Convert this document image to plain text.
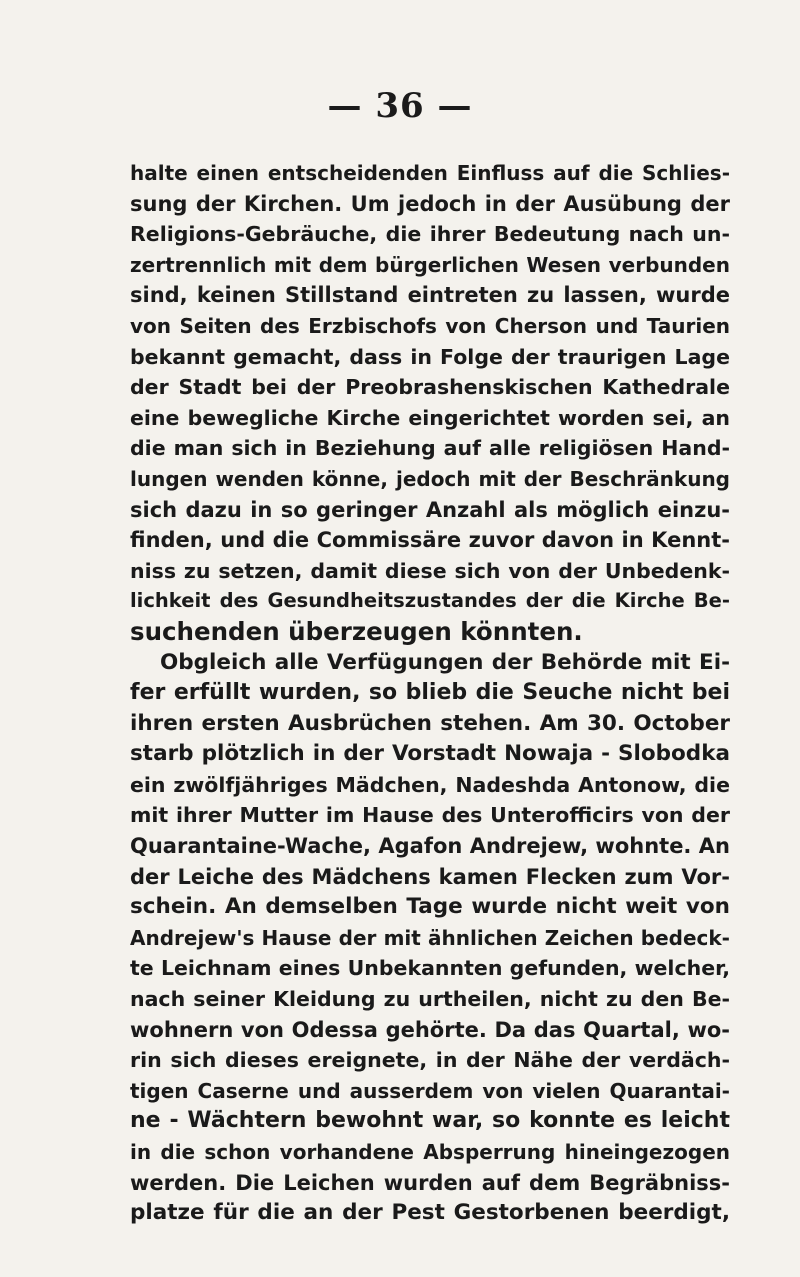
— 36 —
halte einen entscheidenden Einfluss auf die Schlies-
sung der Kirchen. Um jedoch in der Ausübung der
Religions-Gebräuche, die ihrer Bedeutung nach un-
zertrennlich mit dem bürgerlichen Wesen verbunden
sind, keinen Stillstand eintreten zu lassen, wurde
von Seiten des Erzbischofs von Cherson und Taurien
bekannt gemacht, dass in Folge der traurigen Lage
der Stadt bei der Preobrashenskischen Kathedrale
eine bewegliche Kirche eingerichtet worden sei, an
die man sich in Beziehung auf alle religiösen Hand-
lungen wenden könne, jedoch mit der Beschränkung
sich dazu in so geringer Anzahl als möglich einzu-
finden, und die Commissäre zuvor davon in Kennt-
niss zu setzen, damit diese sich von der Unbedenk-
lichkeit des Gesundheitszustandes der die Kirche Be-
suchenden überzeugen könnten.
Obgleich alle Verfügungen der Behörde mit Ei-
fer erfüllt wurden, so blieb die Seuche nicht bei
ihren ersten Ausbrüchen stehen. Am 30. October
starb plötzlich in der Vorstadt Nowaja - Slobodka
ein zwölfjähriges Mädchen, Nadeshda Antonow, die
mit ihrer Mutter im Hause des Unterofficirs von der
Quarantaine-Wache, Agafon Andrejew, wohnte. An
der Leiche des Mädchens kamen Flecken zum Vor-
schein. An demselben Tage wurde nicht weit von
Andrejew's Hause der mit ähnlichen Zeichen bedeck-
te Leichnam eines Unbekannten gefunden, welcher,
nach seiner Kleidung zu urtheilen, nicht zu den Be-
wohnern von Odessa gehörte. Da das Quartal, wo-
rin sich dieses ereignete, in der Nähe der verdäch-
tigen Caserne und ausserdem von vielen Quarantai-
ne - Wächtern bewohnt war, so konnte es leicht
in die schon vorhandene Absperrung hineingezogen
werden. Die Leichen wurden auf dem Begräbniss-
platze für die an der Pest Gestorbenen beerdigt,
